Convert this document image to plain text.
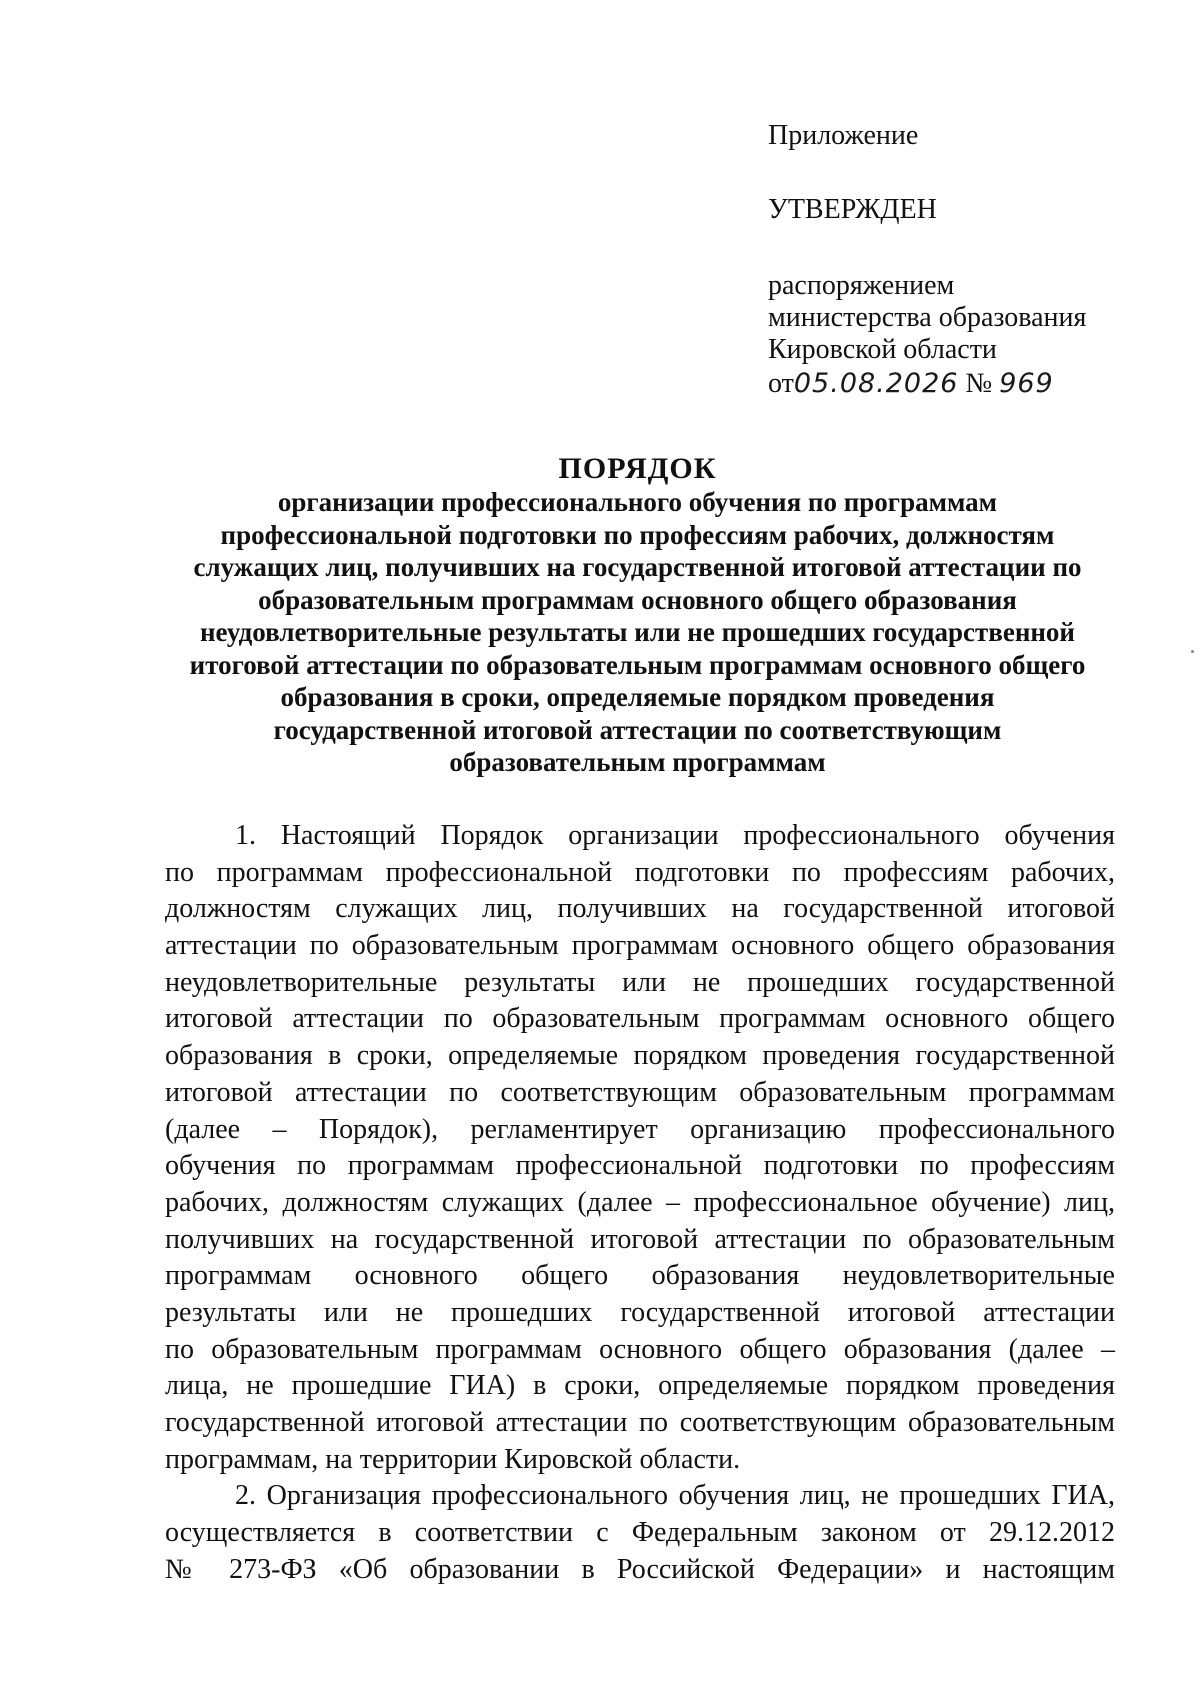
Приложение
УТВЕРЖДЕН
распоряжением
министерства образования
Кировской области
от05.08.2026 № 969
ПОРЯДОК
организации профессионального обучения по программам
профессиональной подготовки по профессиям рабочих, должностям
служащих лиц, получивших на государственной итоговой аттестации по
образовательным программам основного общего образования
неудовлетворительные результаты или не прошедших государственной
итоговой аттестации по образовательным программам основного общего
образования в сроки, определяемые порядком проведения
государственной итоговой аттестации по соответствующим
образовательным программам
1. Настоящий Порядок организации профессионального обучения
по программам профессиональной подготовки по профессиям рабочих,
должностям служащих лиц, получивших на государственной итоговой
аттестации по образовательным программам основного общего образования
неудовлетворительные результаты или не прошедших государственной
итоговой аттестации по образовательным программам основного общего
образования в сроки, определяемые порядком проведения государственной
итоговой аттестации по соответствующим образовательным программам
(далее – Порядок), регламентирует организацию профессионального
обучения по программам профессиональной подготовки по профессиям
рабочих, должностям служащих (далее – профессиональное обучение) лиц,
получивших на государственной итоговой аттестации по образовательным
программам основного общего образования неудовлетворительные
результаты или не прошедших государственной итоговой аттестации
по образовательным программам основного общего образования (далее –
лица, не прошедшие ГИА) в сроки, определяемые порядком проведения
государственной итоговой аттестации по соответствующим образовательным
программам, на территории Кировской области.
2. Организация профессионального обучения лиц, не прошедших ГИА,
осуществляется в соответствии с Федеральным законом от 29.12.2012
№ 273-ФЗ «Об образовании в Российской Федерации» и настоящим
